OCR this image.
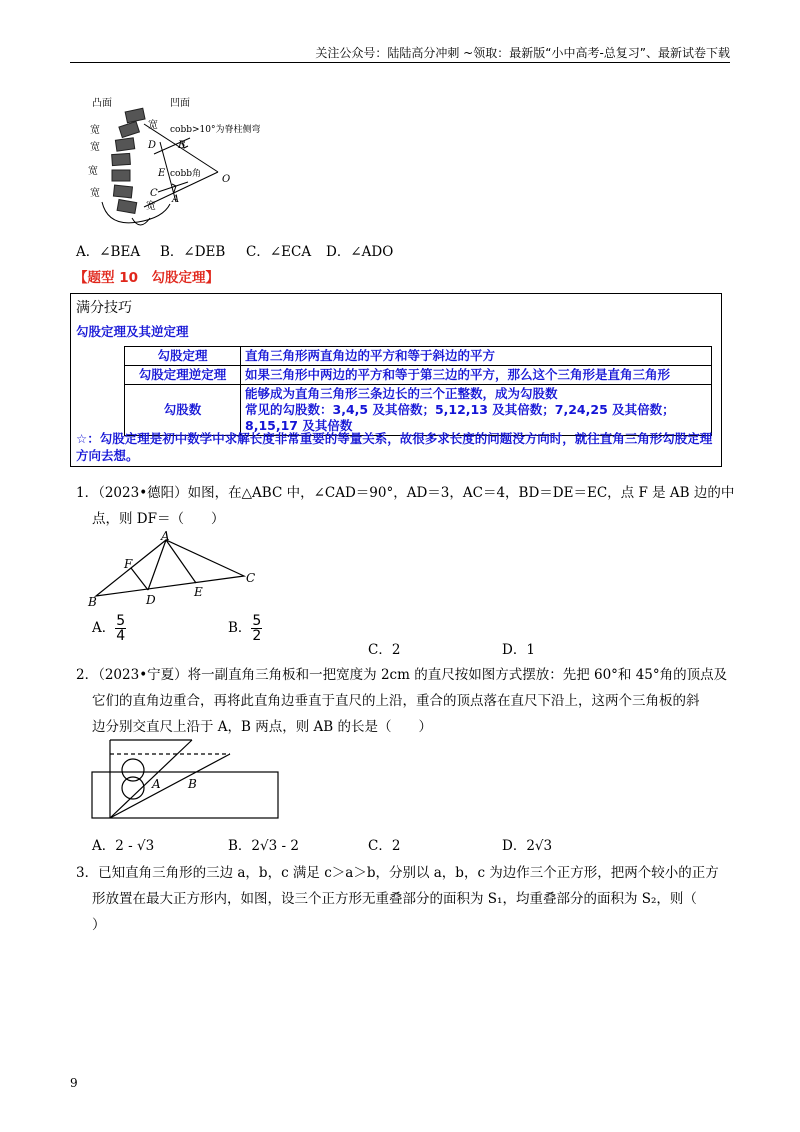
关注公众号：陆陆高分冲刺 ~领取：最新版“小中高考-总复习”、最新试卷下载
凸面	凹面
宽
宽
宽
宽
宽
宽
cobb>10°为脊柱侧弯
D B
E
C
A
O
cobb角
A．∠BEA B．∠DEB C．∠ECA D．∠ADO
【题型 10　勾股定理】
满分技巧
勾股定理及其逆定理
勾股定理	直角三角形两直角边的平方和等于斜边的平方
勾股定理逆定理	如果三角形中两边的平方和等于第三边的平方，那么这个三角形是直角三角形
勾股数	能够成为直角三角形三条边长的三个正整数，成为勾股数
常见的勾股数：3,4,5 及其倍数；5,12,13 及其倍数；7,24,25 及其倍数；8,15,17 及其倍数
☆：勾股定理是初中数学中求解长度非常重要的等量关系，故很多求长度的问题没方向时，就往直角三角形勾股定理方向去想。
1．（2023•德阳）如图，在△ABC 中，∠CAD＝90°，AD＝3，AC＝4，BD＝DE＝EC，点 F 是 AB 边的中
点，则 DF＝（　　）
A
B
C
D
E
F
A． $\frac{5}{4}$	B． $\frac{5}{2}$
C．2	D．1
2．（2023•宁夏）将一副直角三角板和一把宽度为 2cm 的直尺按如图方式摆放：先把 60°和 45°角的顶点及
它们的直角边重合，再将此直角边垂直于直尺的上沿，重合的顶点落在直尺下沿上，这两个三角板的斜
边分别交直尺上沿于 A，B 两点，则 AB 的长是（　　）
A B
A．2 - √3	B．2√3 - 2	C．2	D．2√3
3．已知直角三角形的三边 a，b，c 满足 c＞a＞b，分别以 a，b，c 为边作三个正方形，把两个较小的正方
形放置在最大正方形内，如图，设三个正方形无重叠部分的面积为 S₁，均重叠部分的面积为 S₂，则（
）
9
